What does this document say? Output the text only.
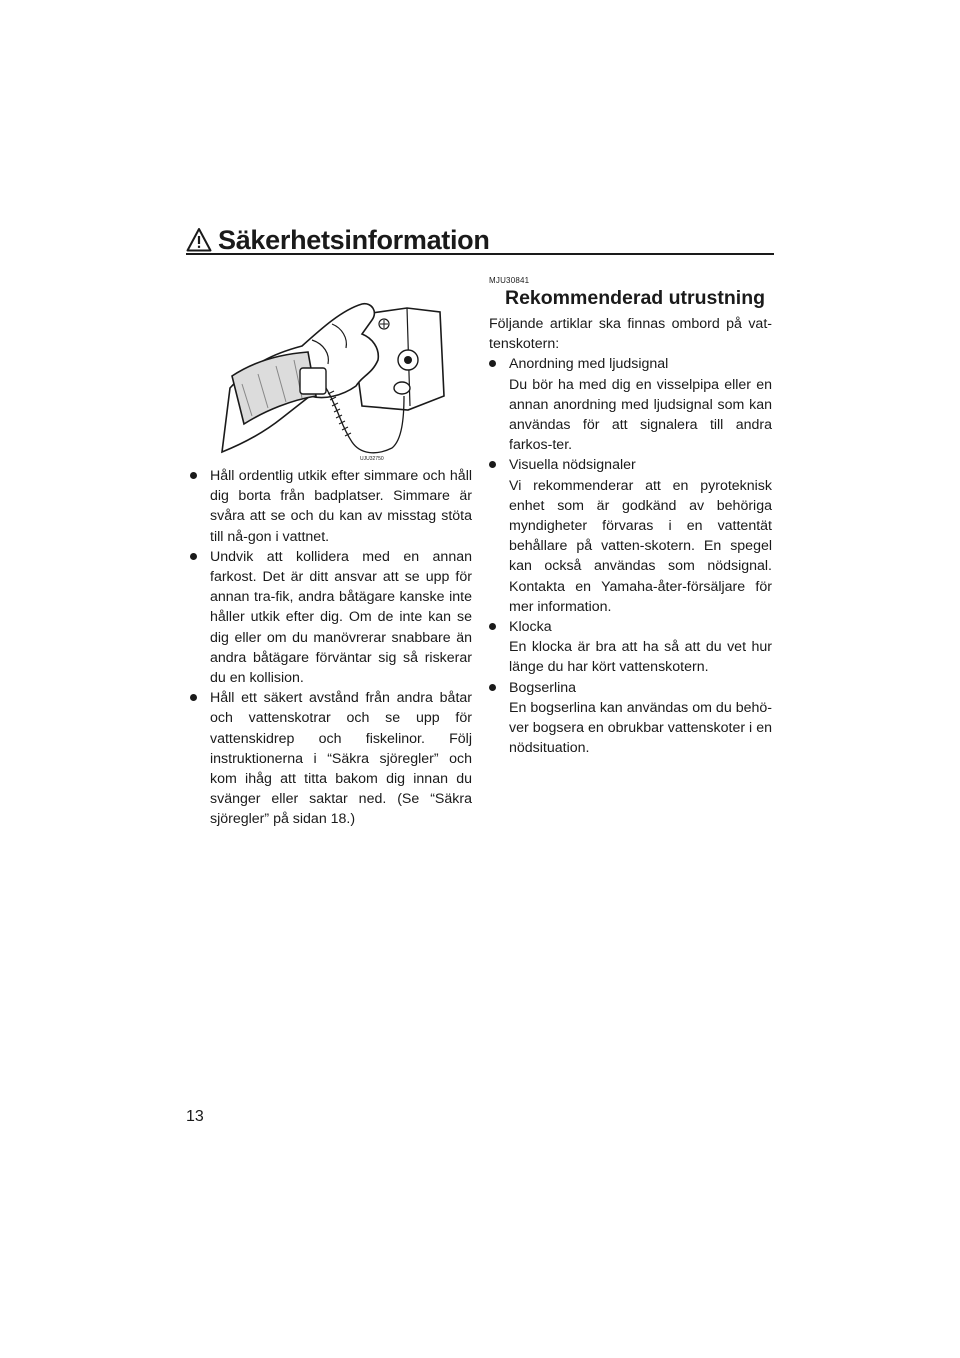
Säkerhetsinformation
UJU32750
Håll ordentlig utkik efter simmare och håll dig borta från badplatser. Simmare är svåra att se och du kan av misstag stöta till nå-gon i vattnet.
Undvik att kollidera med en annan farkost. Det är ditt ansvar att se upp för annan tra-fik, andra båtägare kanske inte håller utkik efter dig. Om de inte kan se dig eller om du manövrerar snabbare än andra båtägare förväntar sig så riskerar du en kollision.
Håll ett säkert avstånd från andra båtar och vattenskotrar och se upp för vattenskidrep och fiskelinor. Följ instruktionerna i “Säkra sjöregler” och kom ihåg att titta bakom dig innan du svänger eller saktar ned. (Se “Säkra sjöregler” på sidan 18.)
MJU30841
Rekommenderad utrustning

Följande artiklar ska finnas ombord på vat-tenskotern:

Anordning med ljudsignal
Du bör ha med dig en visselpipa eller en annan anordning med ljudsignal som kan användas för att signalera till andra farkos-ter.
Visuella nödsignaler
Vi rekommenderar att en pyroteknisk enhet som är godkänd av behöriga myndigheter förvaras i en vattentät behållare på vatten-skotern. En spegel kan också användas som nödsignal. Kontakta en Yamaha-åter-försäljare för mer information.
Klocka
En klocka är bra att ha så att du vet hur länge du har kört vattenskotern.
Bogserlina
En bogserlina kan användas om du behö-ver bogsera en obrukbar vattenskoter i en nödsituation.
13
